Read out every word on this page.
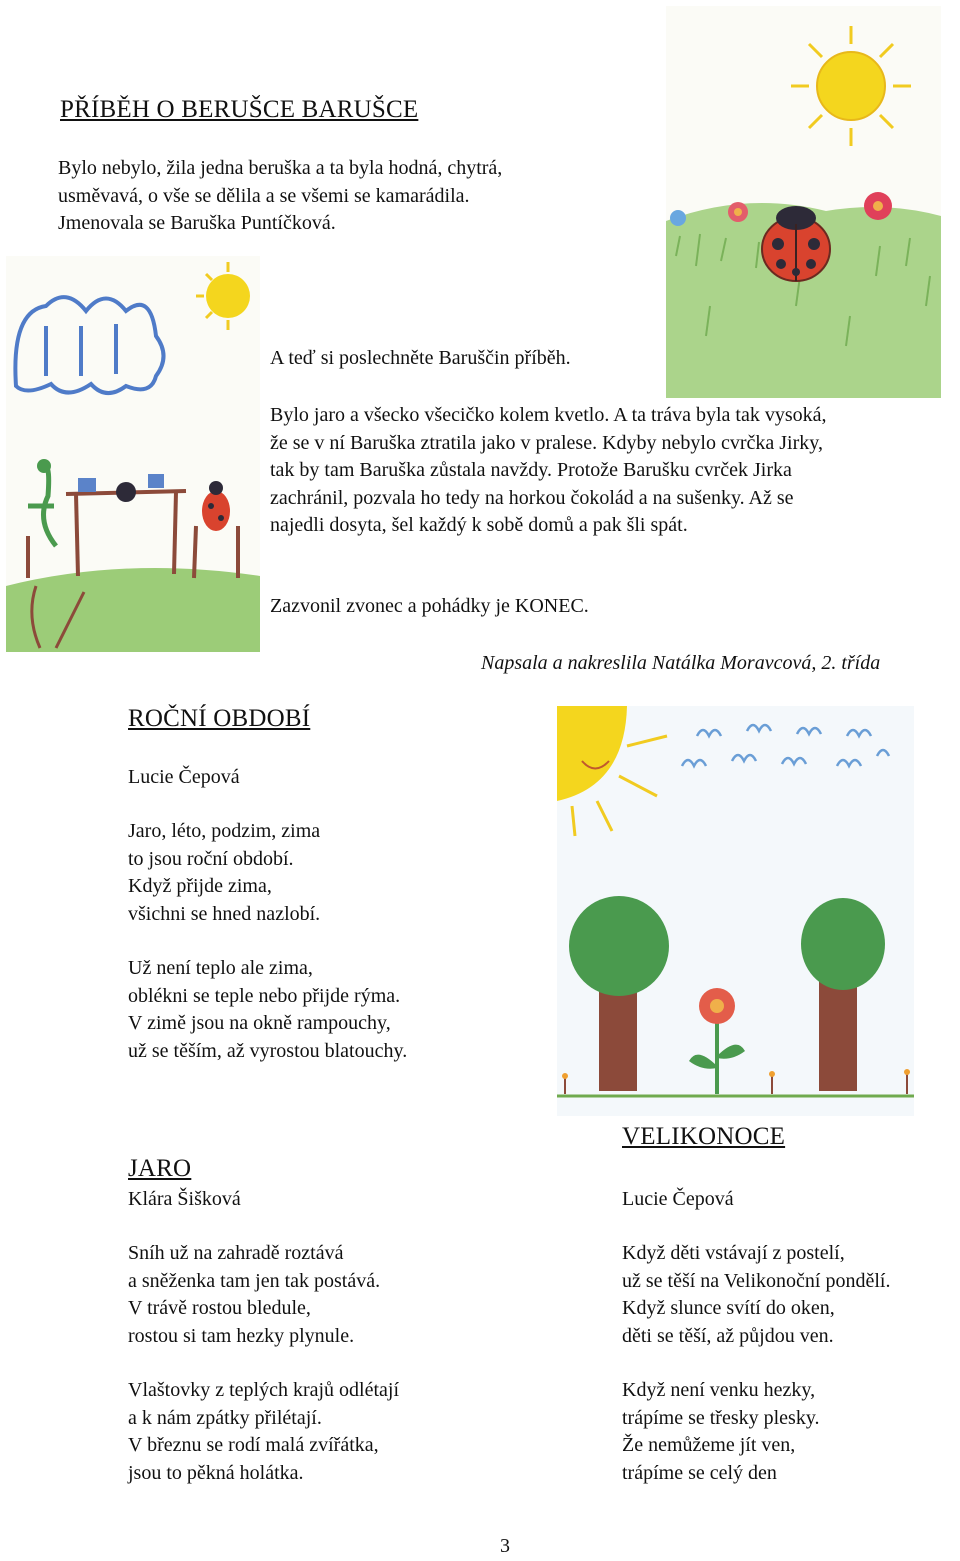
PŘÍBĚH O BERUŠCE BARUŠCE

Bylo nebylo, žila jedna beruška a ta byla hodná, chytrá,
usměvavá, o vše se dělila a se všemi se kamarádila.
Jmenovala se Baruška Puntíčková.

A teď si poslechněte Baruščin příběh.

Bylo jaro a všecko všecičko kolem kvetlo. A ta tráva byla tak vysoká,
že se v ní Baruška ztratila jako v pralese. Kdyby nebylo cvrčka Jirky,
tak by tam Baruška zůstala navždy. Protože Barušku cvrček Jirka
zachránil, pozvala ho tedy na horkou čokolád a na sušenky. Až se
najedli dosyta, šel každý k sobě domů a pak šli spát.

Zazvonil zvonec a pohádky je KONEC.

Napsala a nakreslila Natálka Moravcová, 2. třída

ROČNÍ OBDOBÍ

Lucie Čepová

Jaro, léto, podzim, zima
to jsou roční období.
Když přijde zima,
všichni se hned nazlobí.

Už není teplo ale zima,
oblékni se teple nebo přijde rýma.
V zimě jsou na okně rampouchy,
už se těším, až vyrostou blatouchy.

JARO

Klára Šišková

Sníh už na zahradě roztává
a sněženka tam jen tak postává.
V trávě rostou bledule,
rostou si tam hezky plynule.

Vlaštovky z teplých krajů odlétají
a k nám zpátky přilétají.
V březnu se rodí malá zvířátka,
jsou to pěkná holátka.

VELIKONOCE

Lucie Čepová

Když děti vstávají z postelí,
už se těší na Velikonoční pondělí.
Když slunce svítí do oken,
děti se těší, až půjdou ven.

Když není venku hezky,
trápíme se třesky plesky.
Že nemůžeme jít ven,
trápíme se celý den

3
